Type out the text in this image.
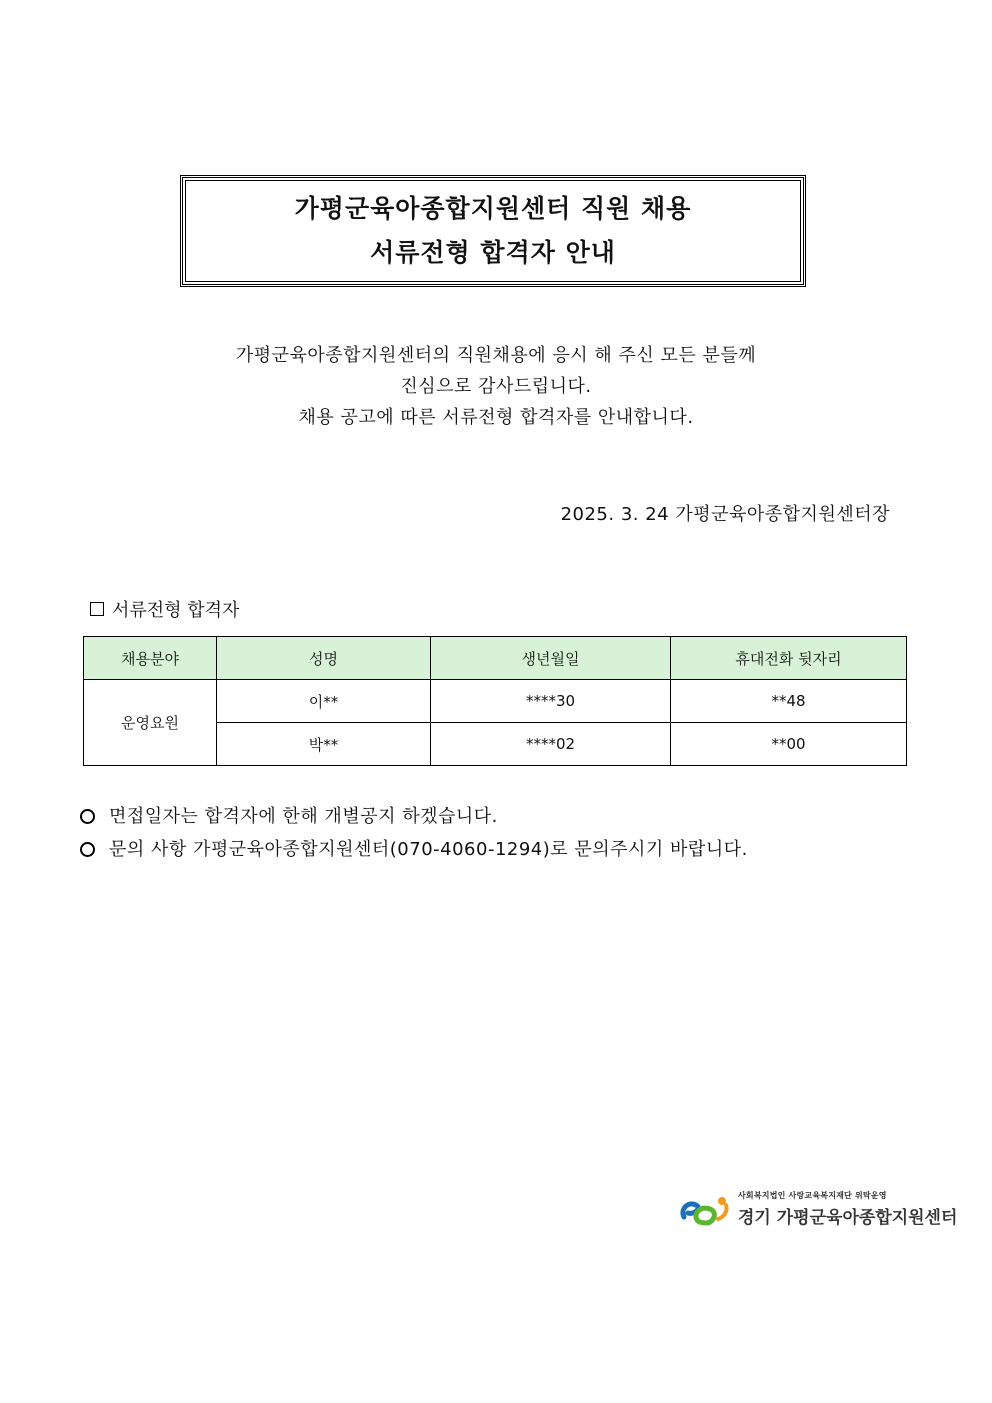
가평군육아종합지원센터 직원 채용
서류전형 합격자 안내
가평군육아종합지원센터의 직원채용에 응시 해 주신 모든 분들께
진심으로 감사드립니다.
채용 공고에 따른 서류전형 합격자를 안내합니다.
2025. 3. 24 가평군육아종합지원센터장
서류전형 합격자
채용분야	성명	생년월일	휴대전화 뒷자리
운영요원	이**	****30	**48
	박**	****02	**00
면접일자는 합격자에 한해 개별공지 하겠습니다.
문의 사항 가평군육아종합지원센터(070-4060-1294)로 문의주시기 바랍니다.
사회복지법인 사랑교육복지재단 위탁운영
경기 가평군육아종합지원센터
